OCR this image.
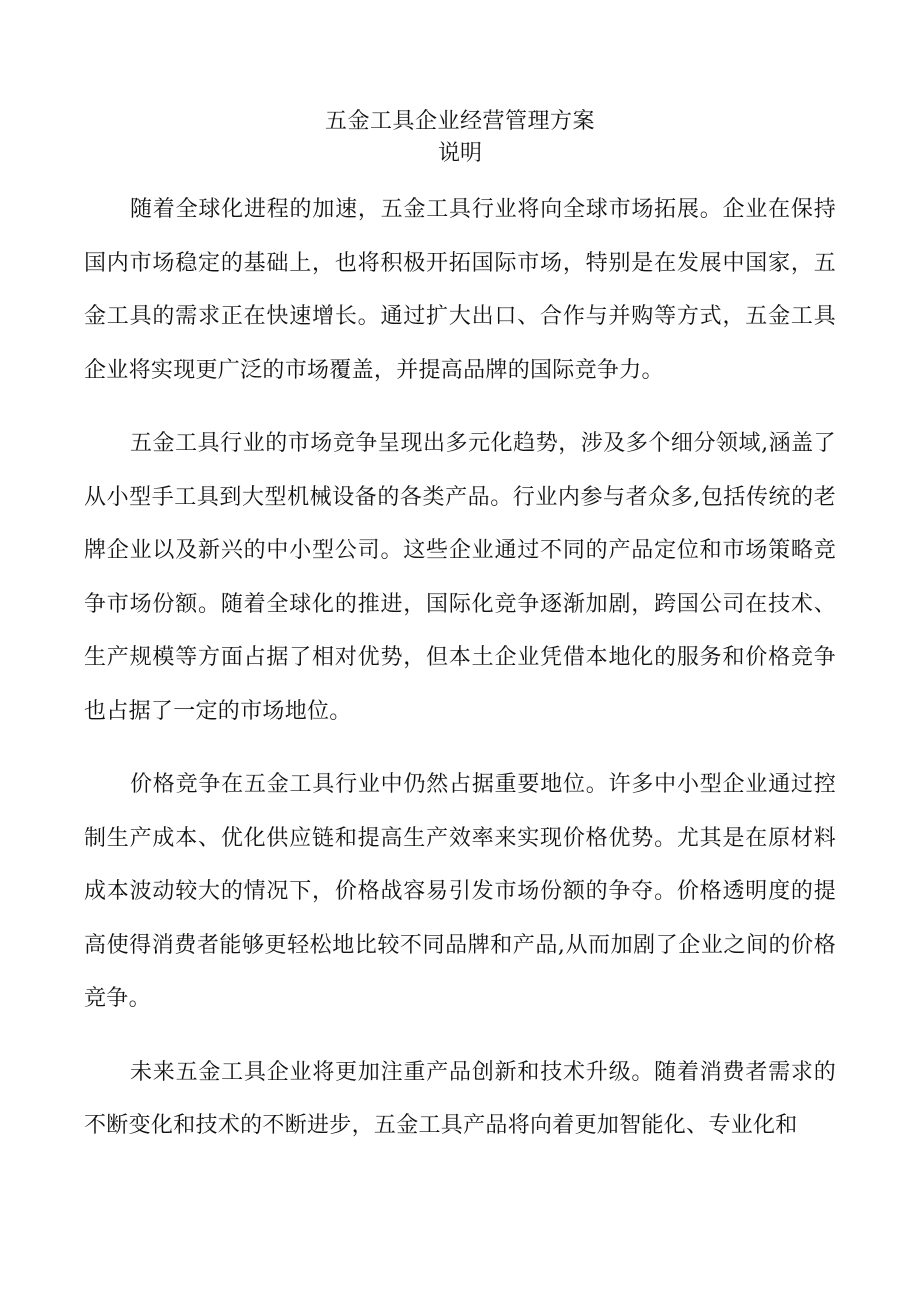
五金工具企业经营管理方案
说明

随着全球化进程的加速，五金工具行业将向全球市场拓展。企业在保持国内市场稳定的基础上，也将积极开拓国际市场，特别是在发展中国家，五金工具的需求正在快速增长。通过扩大出口、合作与并购等方式，五金工具企业将实现更广泛的市场覆盖，并提高品牌的国际竞争力。

五金工具行业的市场竞争呈现出多元化趋势，涉及多个细分领域,涵盖了从小型手工具到大型机械设备的各类产品。行业内参与者众多,包括传统的老牌企业以及新兴的中小型公司。这些企业通过不同的产品定位和市场策略竞争市场份额。随着全球化的推进，国际化竞争逐渐加剧，跨国公司在技术、生产规模等方面占据了相对优势，但本土企业凭借本地化的服务和价格竞争也占据了一定的市场地位。

价格竞争在五金工具行业中仍然占据重要地位。许多中小型企业通过控制生产成本、优化供应链和提高生产效率来实现价格优势。尤其是在原材料成本波动较大的情况下，价格战容易引发市场份额的争夺。价格透明度的提高使得消费者能够更轻松地比较不同品牌和产品,从而加剧了企业之间的价格竞争。

未来五金工具企业将更加注重产品创新和技术升级。随着消费者需求的不断变化和技术的不断进步，五金工具产品将向着更加智能化、专业化和
